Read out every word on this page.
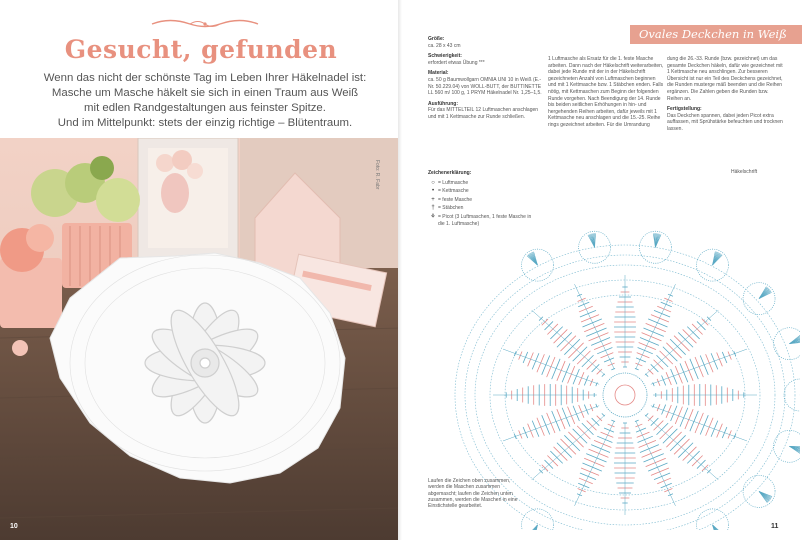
Gesucht, gefunden
Wenn das nicht der schönste Tag im Leben Ihrer Häkelnadel ist:
Masche um Masche häkelt sie sich in einen Traum aus Weiß
mit edlen Randgestaltungen aus feinster Spitze.
Und im Mittelpunkt: stets der einzig richtige – Blütentraum.
Foto: R. Fabr
10
Ovales Deckchen in Weiß
Größe:
ca. 28 x 43 cm
Schwierigkeit:
erfordert etwas Übung ***
Material:
ca. 50 g Baumwollgarn OMNIA UNI 10 in Weiß (E.-Nr. 50.229.04) von WOLL-BUTT, der BUTTINETTE LL 560 m/ 100 g, 1 PRYM Häkelnadel Nr. 1,25–1,5.
Ausführung:
Für das MITTELTEIL 12 Luftmaschen anschlagen und mit 1 Kettmasche zur Runde schließen.
1 Luftmasche als Ersatz für die 1. feste Masche arbeiten. Dann nach der Häkelschrift weiterarbeiten, dabei jede Runde mit der in der Häkelschrift gezeichneten Anzahl von Luftmaschen beginnen und mit 1 Kettmasche bzw. 1 Stäbchen enden. Falls nötig, mit Kettmaschen zum Beginn der folgenden Runde vorgehen. Nach Beendigung der 14. Runde bis beiden seitlichen Erhöhungen in hin- und hergehenden Reihen arbeiten, dafür jeweils mit 1 Kettmasche neu anschlagen und die 15.-25. Reihe rings gezeichnet arbeiten. Für die Umrandung
dung die 26.-33. Runde (bzw. gezeichnet) um das gesamte Deckchen häkeln, dafür wie gezeichnet mit 1 Kettmasche neu anschlingen. Zur besseren Übersicht ist nur ein Teil des Deckchens gezeichnet, die Runden musterge mäß beenden und die Reihen ergänzen. Die Zahlen geben die Runden bzw. Reihen an.
Fertigstellung:
Das Deckchen spannen, dabei jeden Picot extra auffassen, mit Sprühstärke befeuchten und trocknen lassen.
Zeichenerklärung:
○ = Luftmasche
• = Kettmasche
+ = feste Masche
† = Stäbchen
⚘ = Picot (3 Luftmaschen, 1 feste Masche in die 1. Luftmasche)
Häkelschrift
Laufen die Zeichen oben zusammen, werden die Maschen zusammen abgemascht; laufen die Zeichen unten zusammen, werden die Maschen in eine Einstichstelle gearbeitet.
11
